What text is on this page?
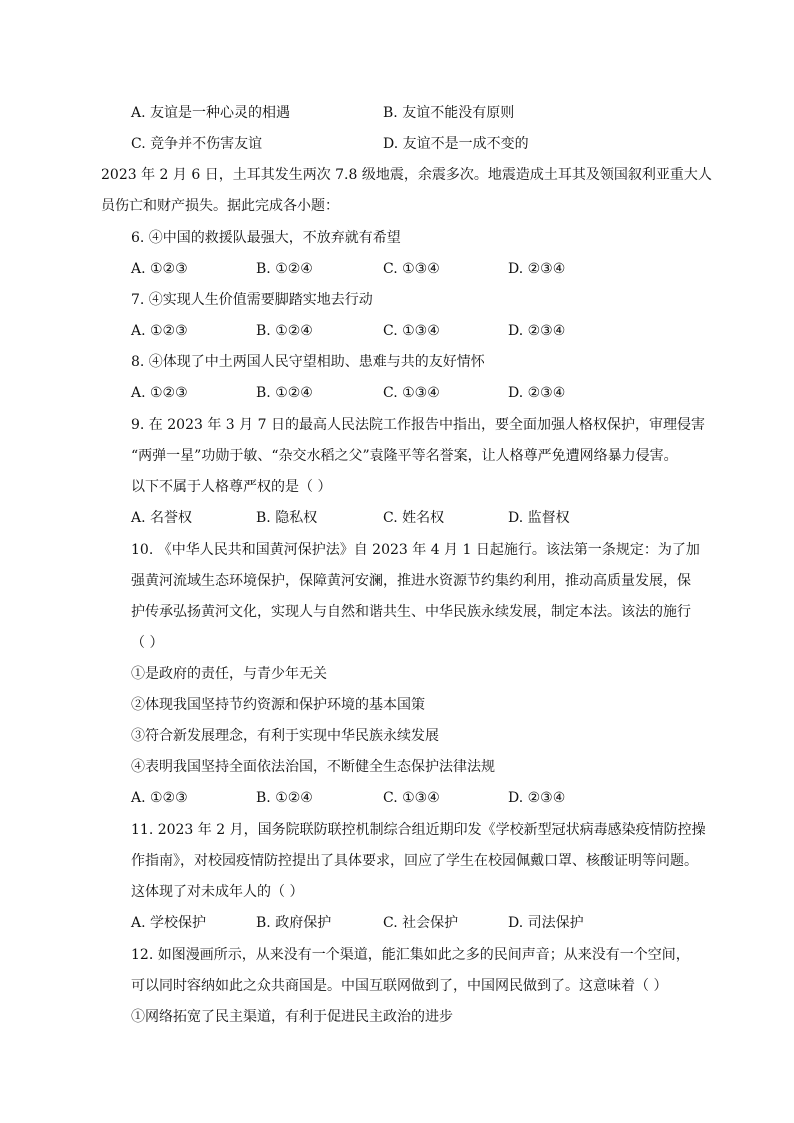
A. 友谊是一种心灵的相遇	B. 友谊不能没有原则
C. 竞争并不伤害友谊	D. 友谊不是一成不变的
2023 年 2 月 6 日，土耳其发生两次 7.8 级地震，余震多次。地震造成土耳其及领国叙利亚重大人
员伤亡和财产损失。据此完成各小题：
6. ④中国的救援队最强大，不放弃就有希望
A. ①②③	B. ①②④	C. ①③④	D. ②③④
7. ④实现人生价值需要脚踏实地去行动
A. ①②③	B. ①②④	C. ①③④	D. ②③④
8. ④体现了中土两国人民守望相助、患难与共的友好情怀
A. ①②③	B. ①②④	C. ①③④	D. ②③④
9. 在 2023 年 3 月 7 日的最高人民法院工作报告中指出，要全面加强人格权保护，审理侵害
“两弹一星”功勋于敏、“杂交水稻之父”袁隆平等名誉案，让人格尊严免遭网络暴力侵害。
以下不属于人格尊严权的是（ ）
A. 名誉权	B. 隐私权	C. 姓名权	D. 监督权
10. 《中华人民共和国黄河保护法》自 2023 年 4 月 1 日起施行。该法第一条规定：为了加
强黄河流域生态环境保护，保障黄河安澜，推进水资源节约集约利用，推动高质量发展，保
护传承弘扬黄河文化，实现人与自然和谐共生、中华民族永续发展，制定本法。该法的施行
（ ）
①是政府的责任，与青少年无关
②体现我国坚持节约资源和保护环境的基本国策
③符合新发展理念，有利于实现中华民族永续发展
④表明我国坚持全面依法治国，不断健全生态保护法律法规
A. ①②③	B. ①②④	C. ①③④	D. ②③④
11. 2023 年 2 月，国务院联防联控机制综合组近期印发《学校新型冠状病毒感染疫情防控操
作指南》，对校园疫情防控提出了具体要求，回应了学生在校园佩戴口罩、核酸证明等问题。
这体现了对未成年人的（ ）
A. 学校保护	B. 政府保护	C. 社会保护	D. 司法保护
12. 如图漫画所示，从来没有一个渠道，能汇集如此之多的民间声音；从来没有一个空间，
可以同时容纳如此之众共商国是。中国互联网做到了，中国网民做到了。这意味着（ ）
①网络拓宽了民主渠道，有利于促进民主政治的进步
